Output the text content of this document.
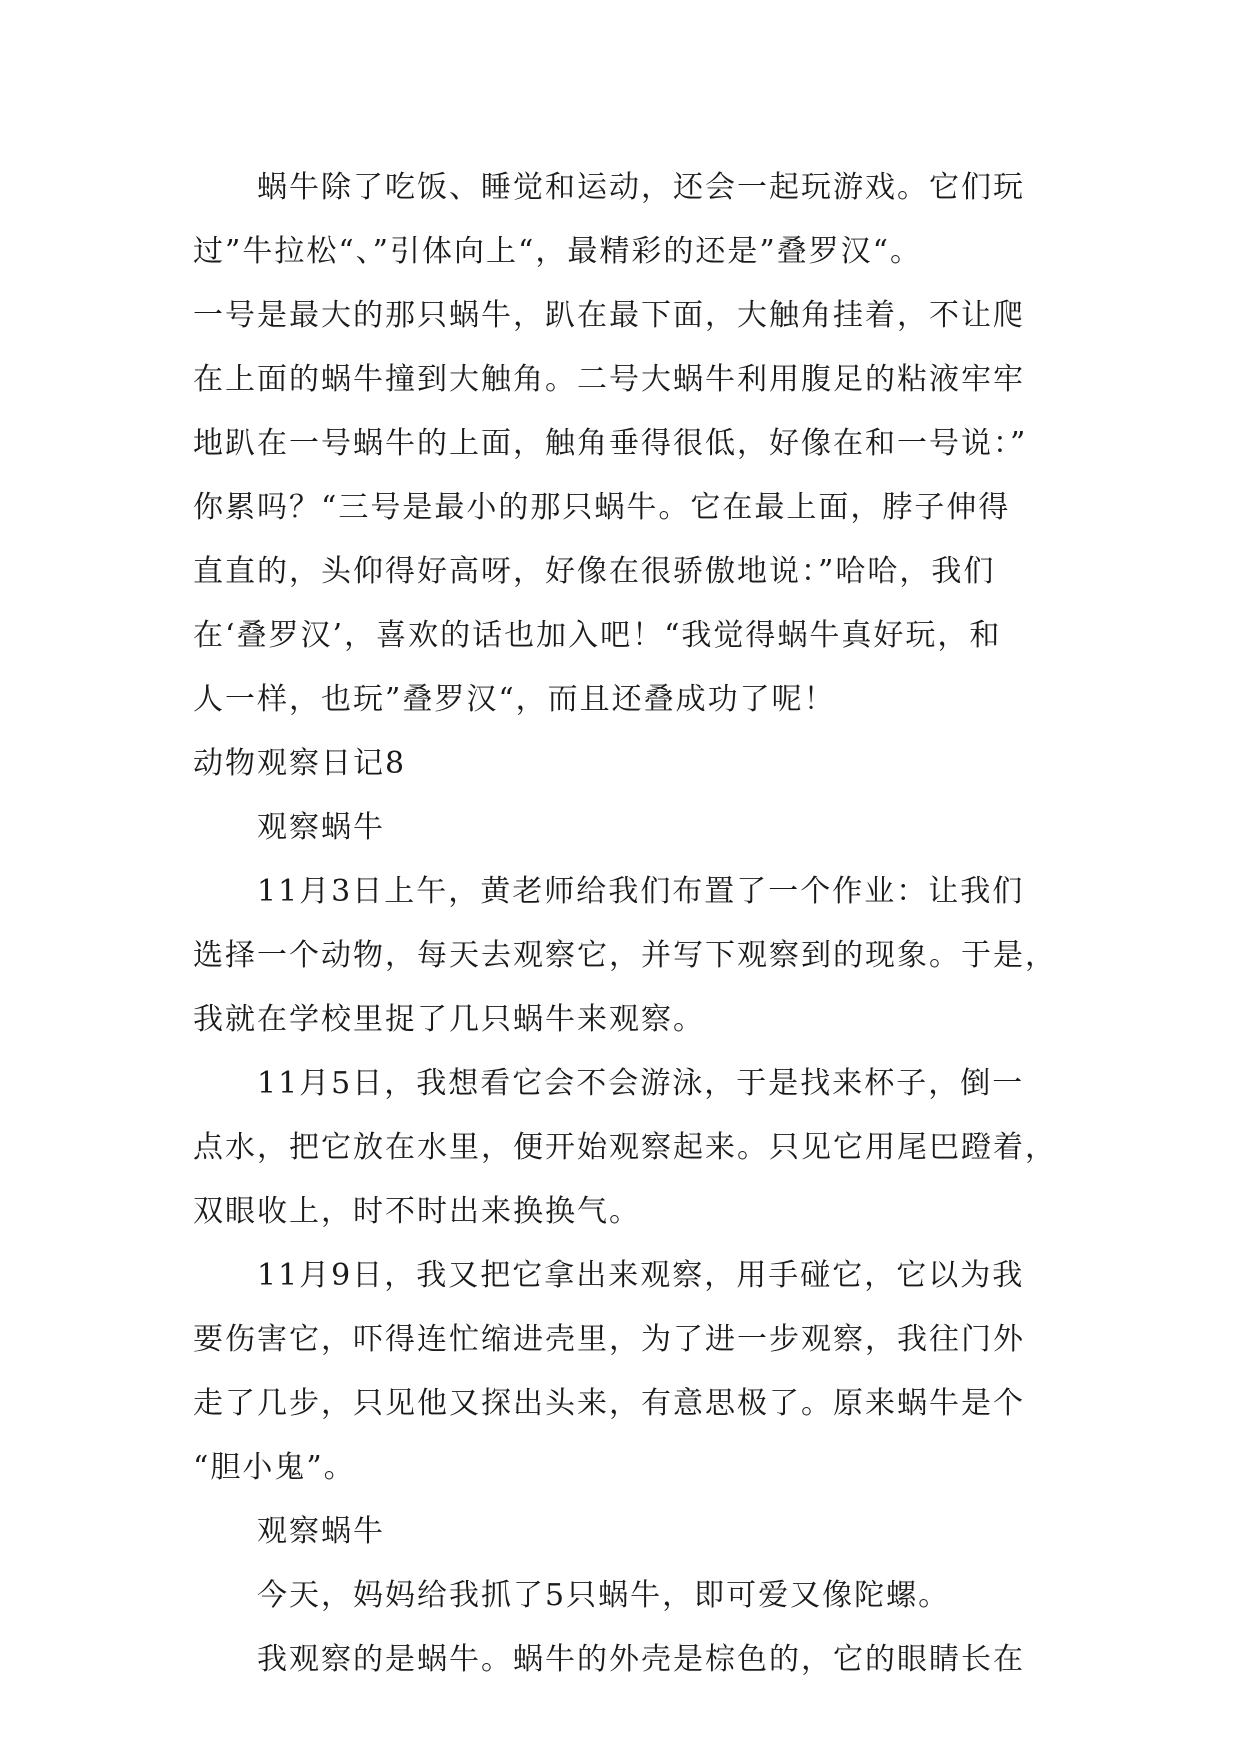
蜗牛除了吃饭、睡觉和运动，还会一起玩游戏。它们玩
过”牛拉松“、”引体向上“，最精彩的还是”叠罗汉“。
一号是最大的那只蜗牛，趴在最下面，大触角挂着，不让爬
在上面的蜗牛撞到大触角。二号大蜗牛利用腹足的粘液牢牢
地趴在一号蜗牛的上面，触角垂得很低，好像在和一号说：”
你累吗？“三号是最小的那只蜗牛。它在最上面，脖子伸得
直直的，头仰得好高呀，好像在很骄傲地说：”哈哈，我们
在‘叠罗汉’，喜欢的话也加入吧！“我觉得蜗牛真好玩，和
人一样，也玩”叠罗汉“，而且还叠成功了呢！
动物观察日记8
观察蜗牛
11月3日上午，黄老师给我们布置了一个作业：让我们
选择一个动物，每天去观察它，并写下观察到的现象。于是，
我就在学校里捉了几只蜗牛来观察。
11月5日，我想看它会不会游泳，于是找来杯子，倒一
点水，把它放在水里，便开始观察起来。只见它用尾巴蹬着，
双眼收上，时不时出来换换气。
11月9日，我又把它拿出来观察，用手碰它，它以为我
要伤害它，吓得连忙缩进壳里，为了进一步观察，我往门外
走了几步，只见他又探出头来，有意思极了。原来蜗牛是个
“胆小鬼”。
观察蜗牛
今天，妈妈给我抓了5只蜗牛，即可爱又像陀螺。
我观察的是蜗牛。蜗牛的外壳是棕色的，它的眼睛长在
